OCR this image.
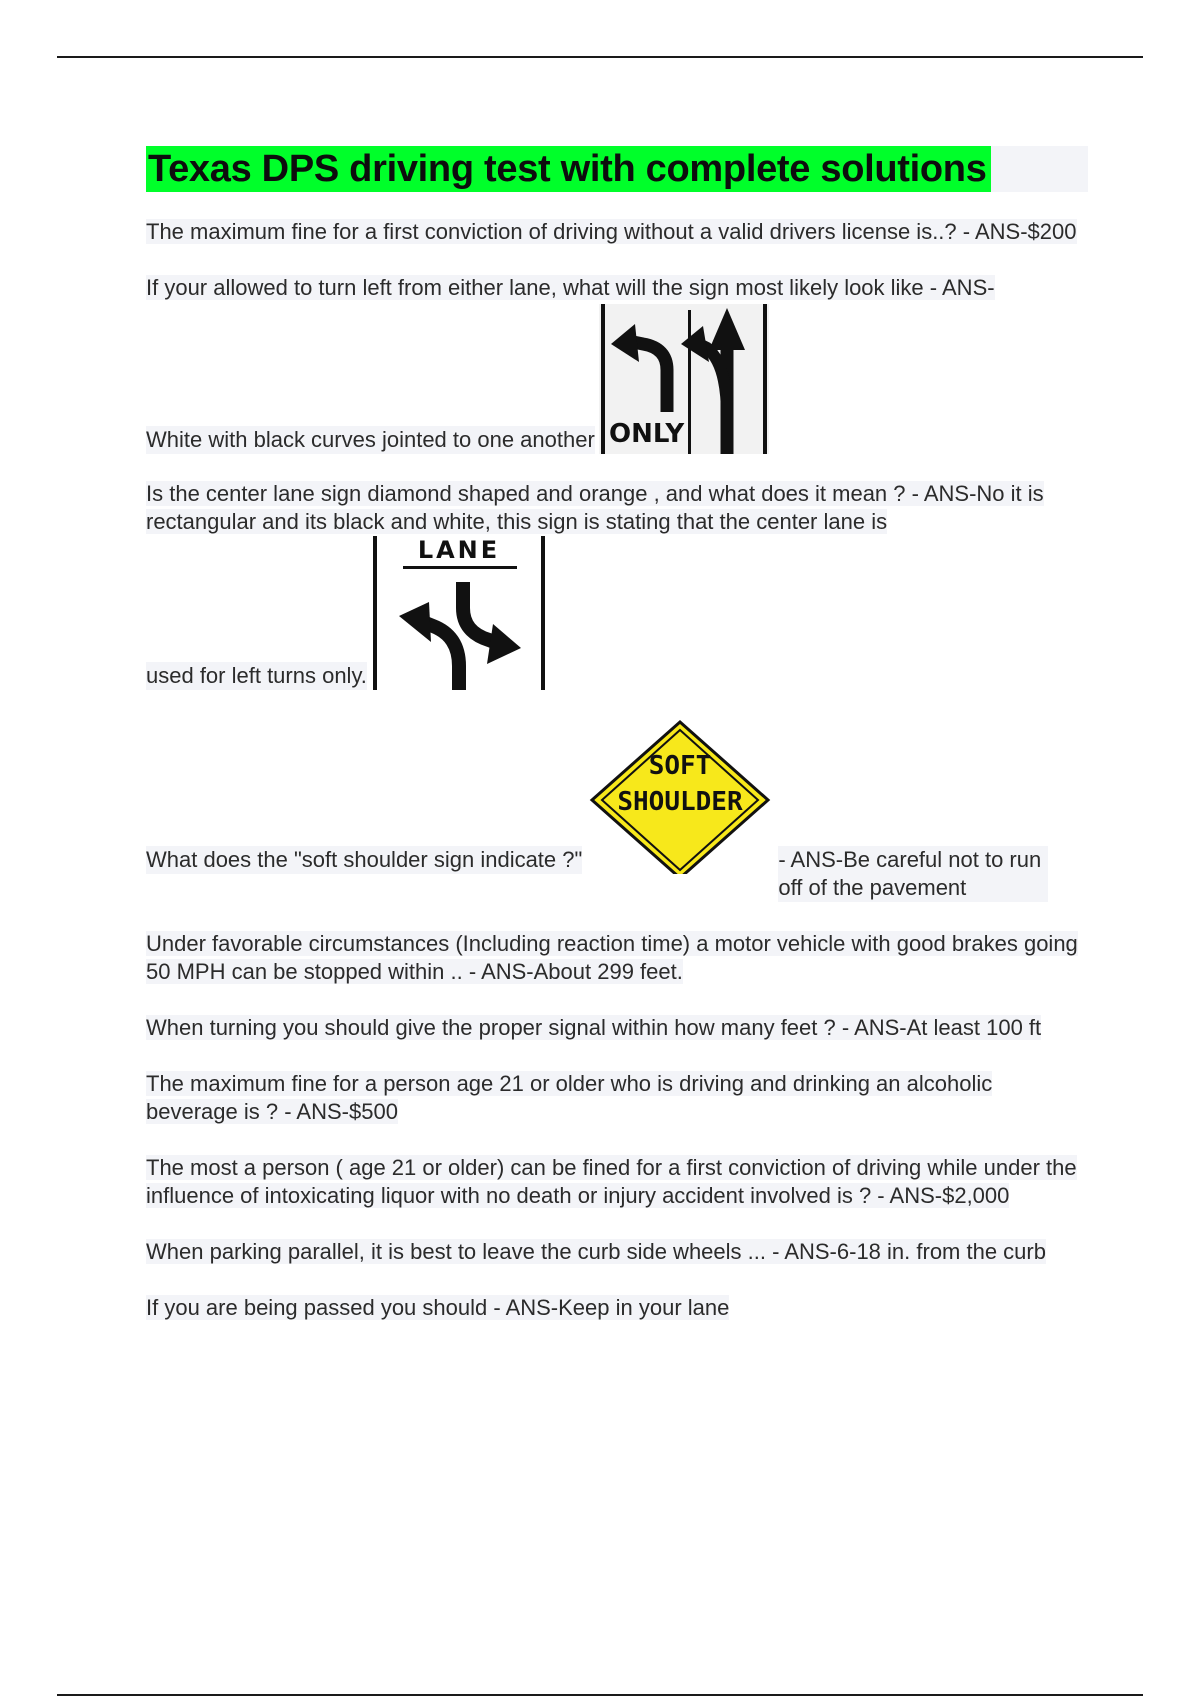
Texas DPS driving test with complete solutions

The maximum fine for a first conviction of driving without a valid drivers license is..? - ANS-$200

If your allowed to turn left from either lane, what will the sign most likely look like - ANS-
White with black curves jointed to one another ONLY
Is the center lane sign diamond shaped and orange , and what does it mean ? - ANS-No it is rectangular and its black and white, this sign is stating that the center lane is
used for left turns only.
LANE
What does the "soft shoulder sign indicate ?"
SOFT
SHOULDER
- ANS-Be careful not to run off of the pavement

Under favorable circumstances (Including reaction time) a motor vehicle with good brakes going 50 MPH can be stopped within .. - ANS-About 299 feet.

When turning you should give the proper signal within how many feet ? - ANS-At least 100 ft

The maximum fine for a person age 21 or older who is driving and drinking an alcoholic beverage is ? - ANS-$500

The most a person ( age 21 or older) can be fined for a first conviction of driving while under the influence of intoxicating liquor with no death or injury accident involved is ? - ANS-$2,000

When parking parallel, it is best to leave the curb side wheels ... - ANS-6-18 in. from the curb

If you are being passed you should - ANS-Keep in your lane
